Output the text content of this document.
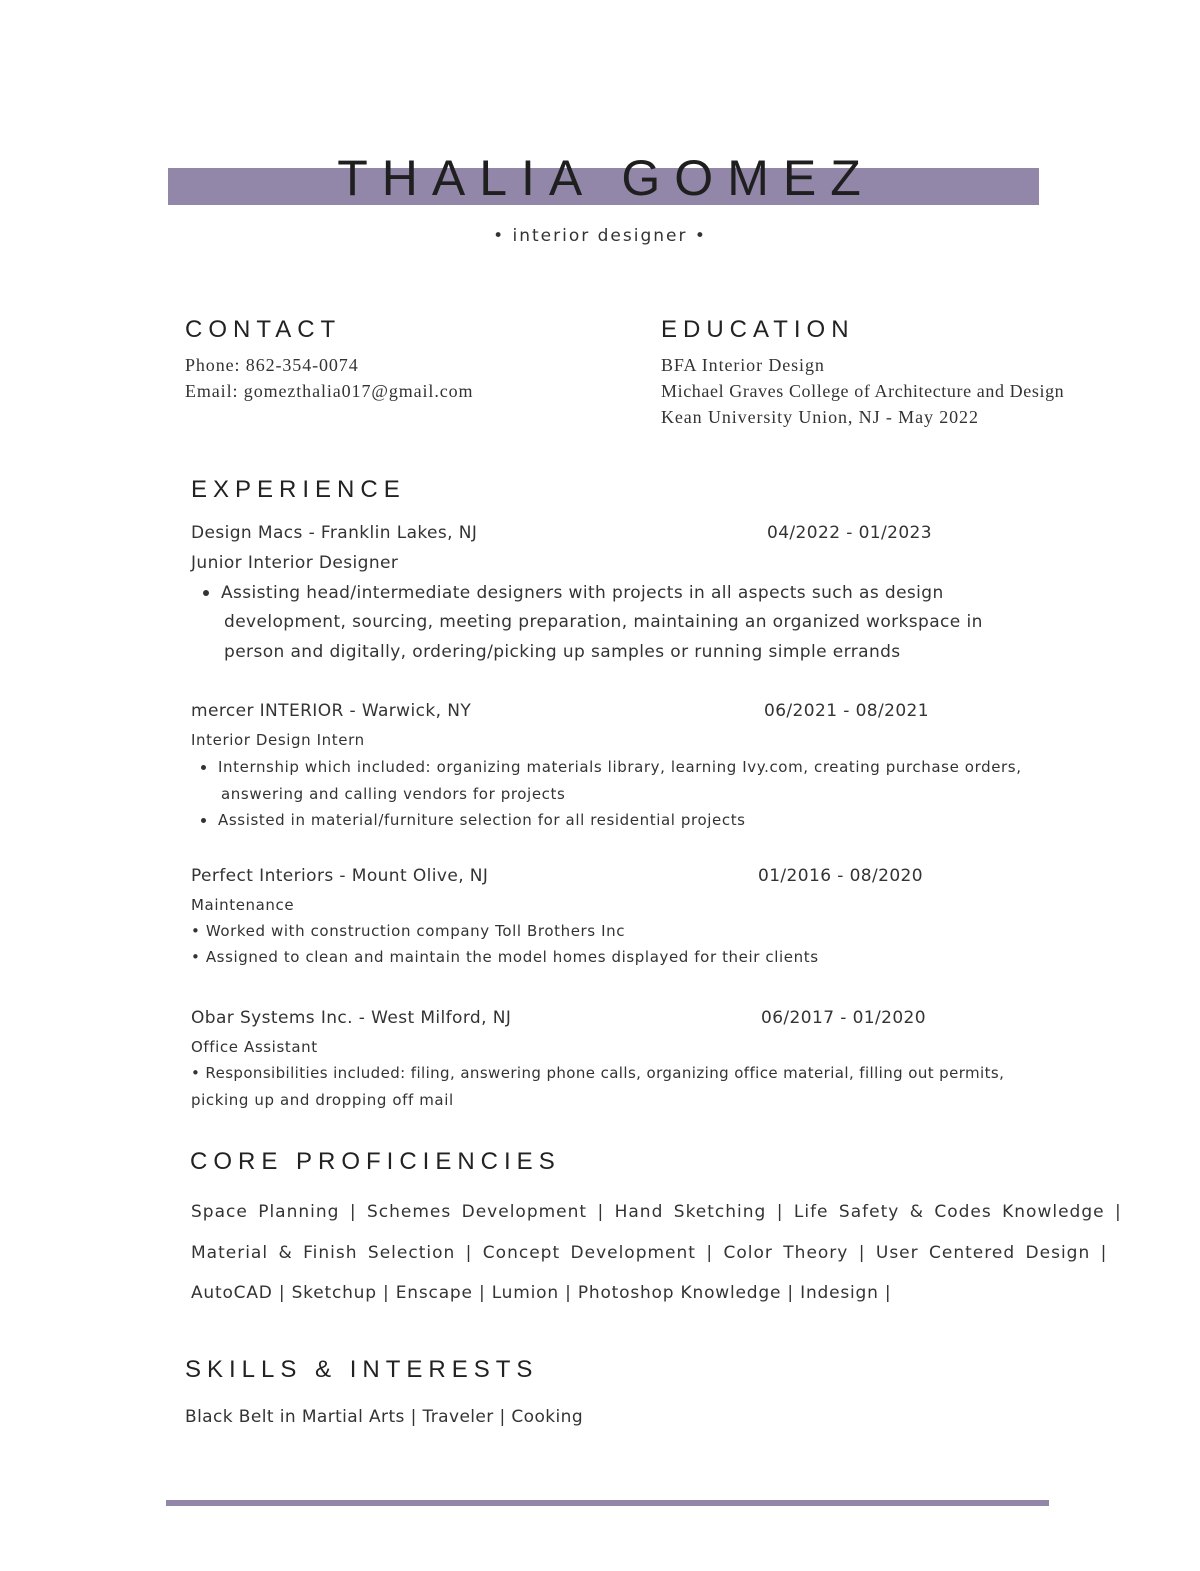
THALIA GOMEZ
• interior designer •
CONTACT
Phone: 862-354-0074
Email: gomezthalia017@gmail.com
EDUCATION
BFA Interior Design
Michael Graves College of Architecture and Design
Kean University Union, NJ - May 2022
EXPERIENCE
Design Macs - Franklin Lakes, NJ	04/2022 - 01/2023
Junior Interior Designer
Assisting head/intermediate designers with projects in all aspects such as design
development, sourcing, meeting preparation, maintaining an organized workspace in
person and digitally, ordering/picking up samples or running simple errands
mercer INTERIOR - Warwick, NY	06/2021 - 08/2021
Interior Design Intern
Internship which included: organizing materials library, learning Ivy.com, creating purchase orders,
answering and calling vendors for projects
Assisted in material/furniture selection for all residential projects
Perfect Interiors - Mount Olive, NJ	01/2016 - 08/2020
Maintenance
• Worked with construction company Toll Brothers Inc
• Assigned to clean and maintain the model homes displayed for their clients
Obar Systems Inc. - West Milford, NJ	06/2017 - 01/2020
Office Assistant
• Responsibilities included: filing, answering phone calls, organizing office material, filling out permits,
picking up and dropping off mail
CORE PROFICIENCIES
Space Planning | Schemes Development | Hand Sketching | Life Safety & Codes Knowledge |
Material & Finish Selection | Concept Development | Color Theory | User Centered Design |
AutoCAD | Sketchup | Enscape | Lumion | Photoshop Knowledge | Indesign |
SKILLS & INTERESTS
Black Belt in Martial Arts | Traveler | Cooking
